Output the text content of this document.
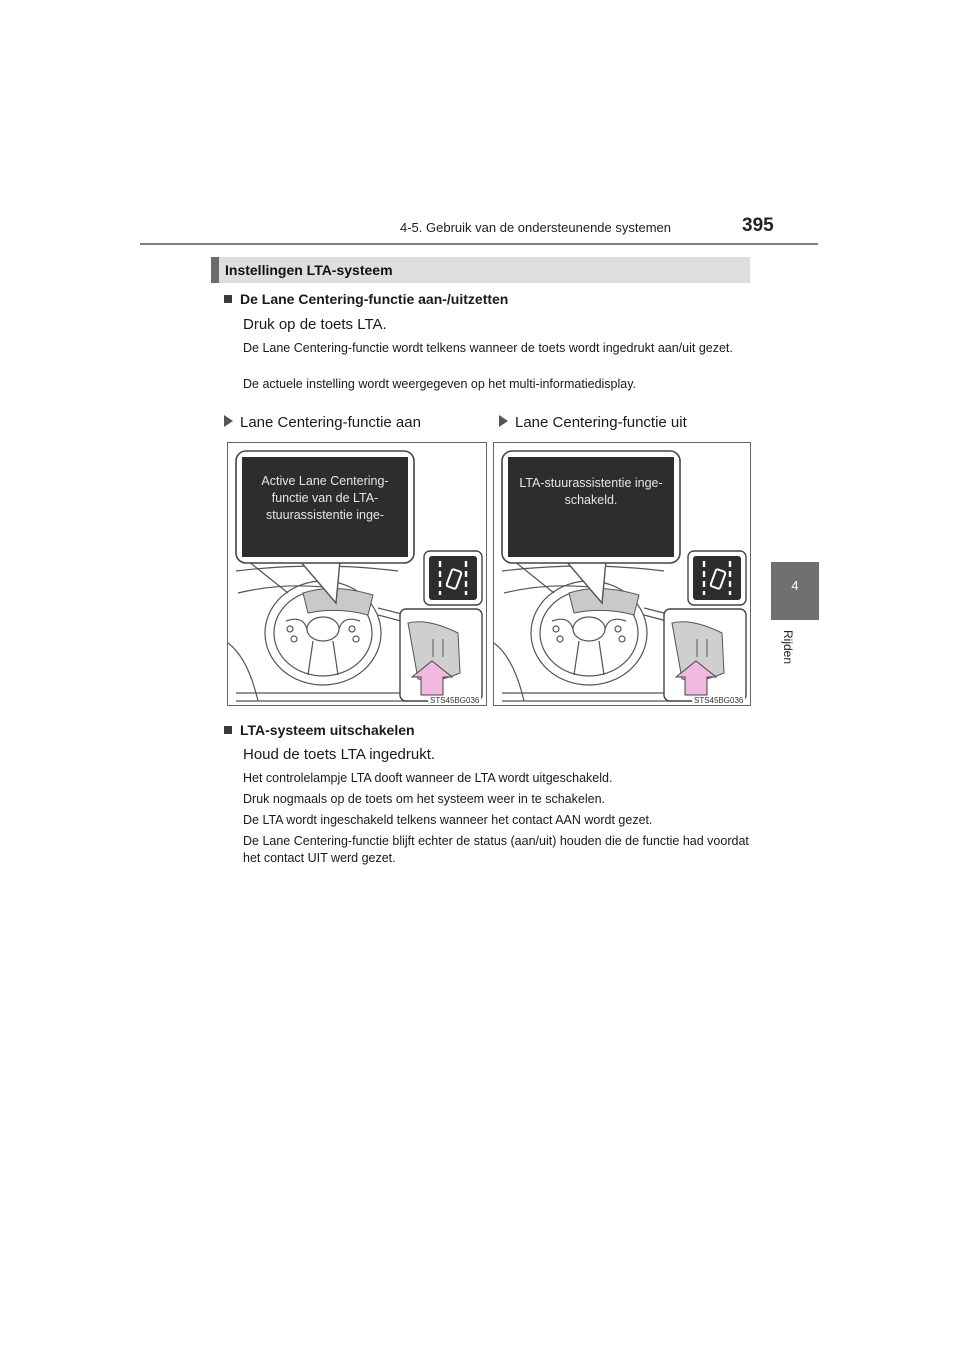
4-5. Gebruik van de ondersteunende systemen	395
4
Rijden
Instellingen LTA-systeem
De Lane Centering-functie aan-/uitzetten
Druk op de toets LTA.
De Lane Centering-functie wordt telkens wanneer de toets wordt ingedrukt aan/uit gezet.
De actuele instelling wordt weergegeven op het multi-informatiedisplay.
Lane Centering-functie aan	Lane Centering-functie uit
Active Lane Centering-functie van de LTA-stuurassistentie inge-
STS45BG036
LTA-stuurassistentie inge-schakeld.
STS45BG036
LTA-systeem uitschakelen
Houd de toets LTA ingedrukt.
Het controlelampje LTA dooft wanneer de LTA wordt uitgeschakeld.
Druk nogmaals op de toets om het systeem weer in te schakelen.
De LTA wordt ingeschakeld telkens wanneer het contact AAN wordt gezet.
De Lane Centering-functie blijft echter de status (aan/uit) houden die de functie had voordat het contact UIT werd gezet.
